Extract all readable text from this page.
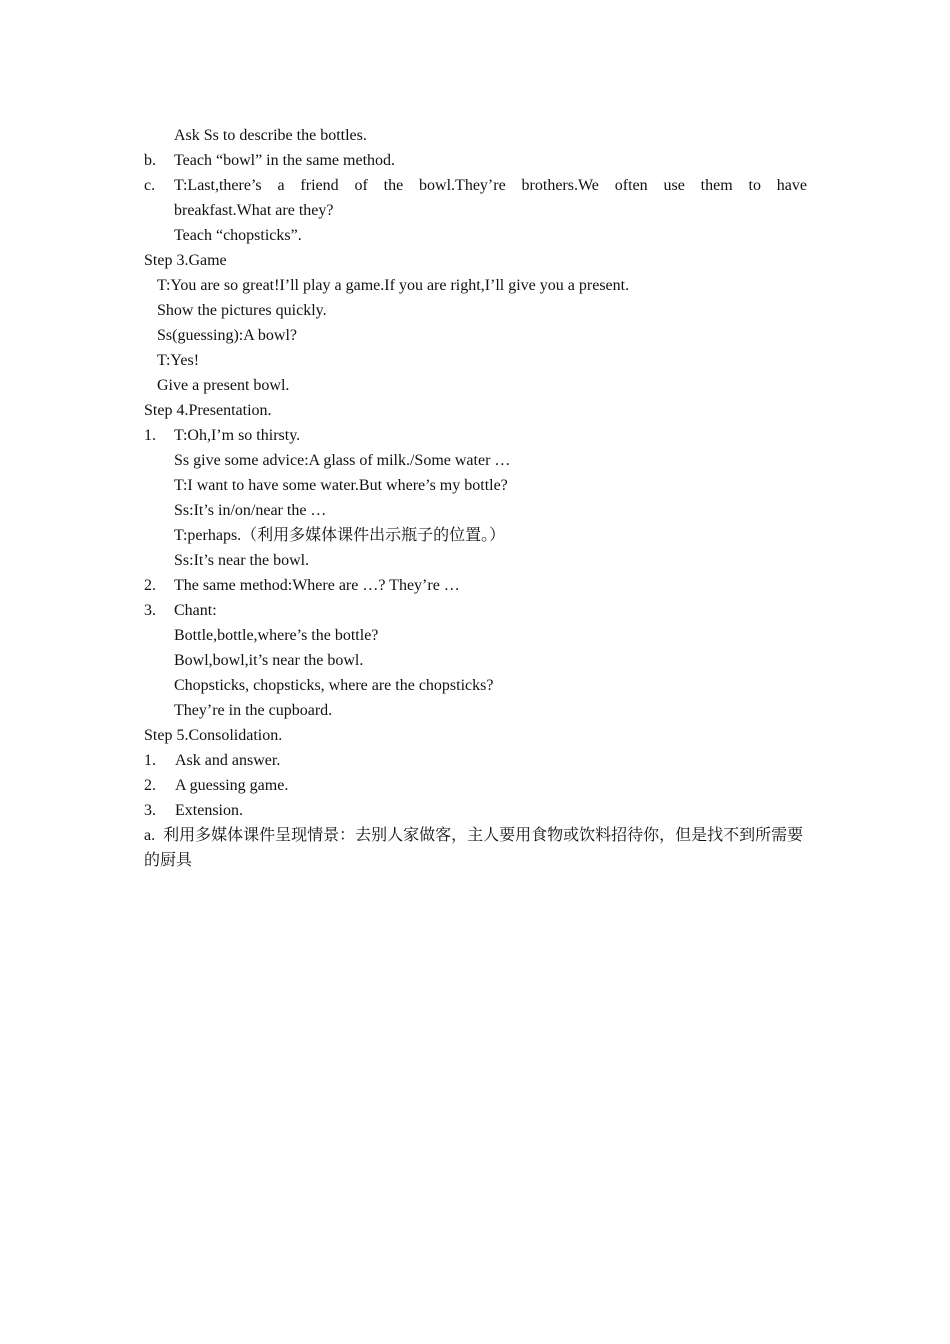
Ask Ss to describe the bottles.
b. Teach “bowl” in the same method.
c. T:Last,there’s a friend of the bowl.They’re brothers.We often use them to have
breakfast.What are they?
Teach “chopsticks”.
Step 3.Game
T:You are so great!I’ll play a game.If you are right,I’ll give you a present.
Show the pictures quickly.
Ss(guessing):A bowl?
T:Yes!
Give a present bowl.
Step 4.Presentation.
1. T:Oh,I’m so thirsty.
Ss give some advice:A glass of milk./Some water …
T:I want to have some water.But where’s my bottle?
Ss:It’s in/on/near the …
T:perhaps.（利用多媒体课件出示瓶子的位置。）
Ss:It’s near the bowl.
2. The same method:Where are …? They’re …
3. Chant:
Bottle,bottle,where’s the bottle?
Bowl,bowl,it’s near the bowl.
Chopsticks, chopsticks, where are the chopsticks?
They’re in the cupboard.
Step 5.Consolidation.
1. Ask and answer.
2. A guessing game.
3. Extension.
a. 利用多媒体课件呈现情景：去别人家做客，主人要用食物或饮料招待你，但是找不到所需要的厨具
